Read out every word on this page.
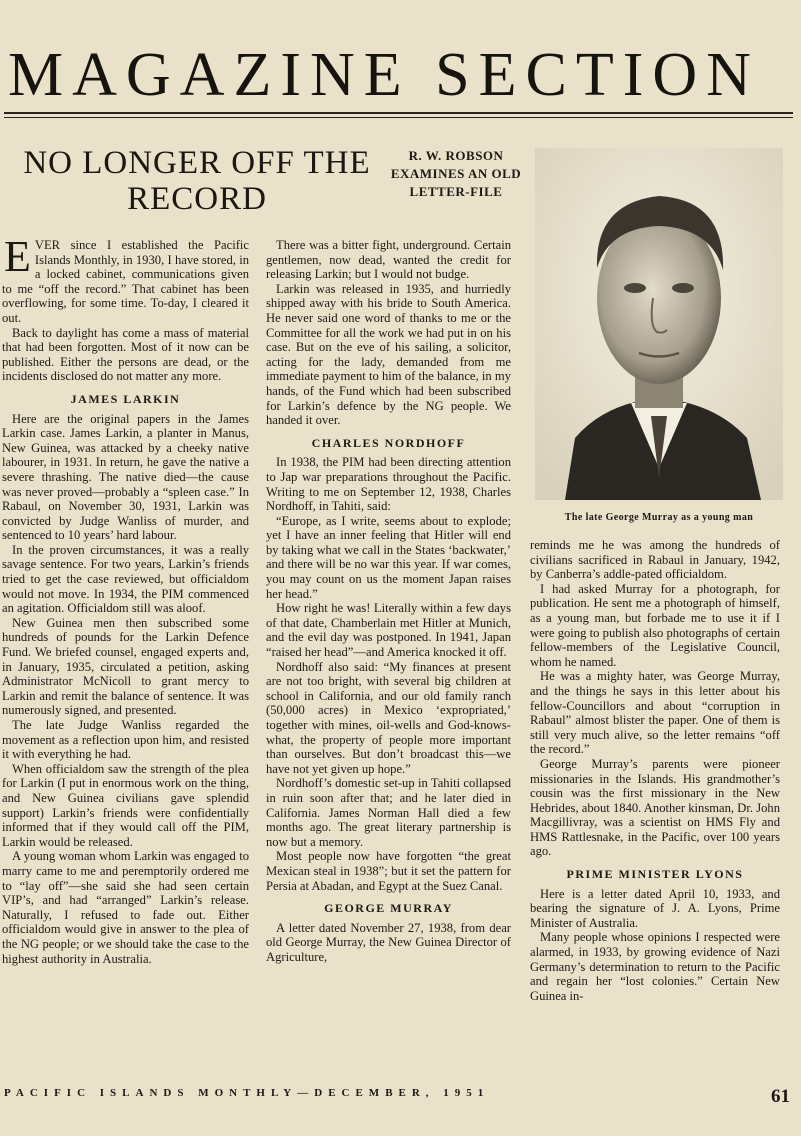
MAGAZINE SECTION
NO LONGER OFF THE RECORD
R. W. ROBSON EXAMINES AN OLD LETTER-FILE

EVER since I established the Pacific Islands Monthly, in 1930, I have stored, in a locked cabinet, communications given to me “off the record.” That cabinet has been overflowing, for some time. To-day, I cleared it out.

Back to daylight has come a mass of material that had been forgotten. Most of it now can be published. Either the persons are dead, or the incidents disclosed do not matter any more.

JAMES LARKIN

Here are the original papers in the James Larkin case. James Larkin, a planter in Manus, New Guinea, was attacked by a cheeky native labourer, in 1931. In return, he gave the native a severe thrashing. The native died—the cause was never proved—probably a “spleen case.” In Rabaul, on November 30, 1931, Larkin was convicted by Judge Wanliss of murder, and sentenced to 10 years’ hard labour.

In the proven circumstances, it was a really savage sentence. For two years, Larkin’s friends tried to get the case reviewed, but officialdom would not move. In 1934, the PIM commenced an agitation. Officialdom still was aloof.

New Guinea men then subscribed some hundreds of pounds for the Larkin Defence Fund. We briefed counsel, engaged experts and, in January, 1935, circulated a petition, asking Administrator McNicoll to grant mercy to Larkin and remit the balance of sentence. It was numerously signed, and presented.

The late Judge Wanliss regarded the movement as a reflection upon him, and resisted it with everything he had.

When officialdom saw the strength of the plea for Larkin (I put in enormous work on the thing, and New Guinea civilians gave splendid support) Larkin’s friends were confidentially informed that if they would call off the PIM, Larkin would be released.

A young woman whom Larkin was engaged to marry came to me and peremptorily ordered me to “lay off”—she said she had seen certain VIP’s, and had “arranged” Larkin’s release. Naturally, I refused to fade out. Either officialdom would give in answer to the plea of the NG people; or we should take the case to the highest authority in Australia.

There was a bitter fight, underground. Certain gentlemen, now dead, wanted the credit for releasing Larkin; but I would not budge.

Larkin was released in 1935, and hurriedly shipped away with his bride to South America. He never said one word of thanks to me or the Committee for all the work we had put in on his case. But on the eve of his sailing, a solicitor, acting for the lady, demanded from me immediate payment to him of the balance, in my hands, of the Fund which had been subscribed for Larkin’s defence by the NG people. We handed it over.

CHARLES NORDHOFF

In 1938, the PIM had been directing attention to Jap war preparations throughout the Pacific. Writing to me on September 12, 1938, Charles Nordhoff, in Tahiti, said:

“Europe, as I write, seems about to explode; yet I have an inner feeling that Hitler will end by taking what we call in the States ‘backwater,’ and there will be no war this year. If war comes, you may count on us the moment Japan raises her head.”

How right he was! Literally within a few days of that date, Chamberlain met Hitler at Munich, and the evil day was postponed. In 1941, Japan “raised her head”—and America knocked it off.

Nordhoff also said: “My finances at present are not too bright, with several big children at school in California, and our old family ranch (50,000 acres) in Mexico ‘expropriated,’ together with mines, oil-wells and God-knows-what, the property of people more important than ourselves. But don’t broadcast this—we have not yet given up hope.”

Nordhoff’s domestic set-up in Tahiti collapsed in ruin soon after that; and he later died in California. James Norman Hall died a few months ago. The great literary partnership is now but a memory.

Most people now have forgotten “the great Mexican steal in 1938”; but it set the pattern for Persia at Abadan, and Egypt at the Suez Canal.

GEORGE MURRAY

A letter dated November 27, 1938, from dear old George Murray, the New Guinea Director of Agriculture,

The late George Murray as a young man

reminds me he was among the hundreds of civilians sacrificed in Rabaul in January, 1942, by Canberra’s addle-pated officialdom.

I had asked Murray for a photograph, for publication. He sent me a photograph of himself, as a young man, but forbade me to use it if I were going to publish also photographs of certain fellow-members of the Legislative Council, whom he named.

He was a mighty hater, was George Murray, and the things he says in this letter about his fellow-Councillors and about “corruption in Rabaul” almost blister the paper. One of them is still very much alive, so the letter remains “off the record.”

George Murray’s parents were pioneer missionaries in the Islands. His grandmother’s cousin was the first missionary in the New Hebrides, about 1840. Another kinsman, Dr. John Macgillivray, was a scientist on HMS Fly and HMS Rattlesnake, in the Pacific, over 100 years ago.

PRIME MINISTER LYONS

Here is a letter dated April 10, 1933, and bearing the signature of J. A. Lyons, Prime Minister of Australia.

Many people whose opinions I respected were alarmed, in 1933, by growing evidence of Nazi Germany’s determination to return to the Pacific and regain her “lost colonies.” Certain New Guinea in-

PACIFIC ISLANDS MONTHLY—DECEMBER, 1951	61
